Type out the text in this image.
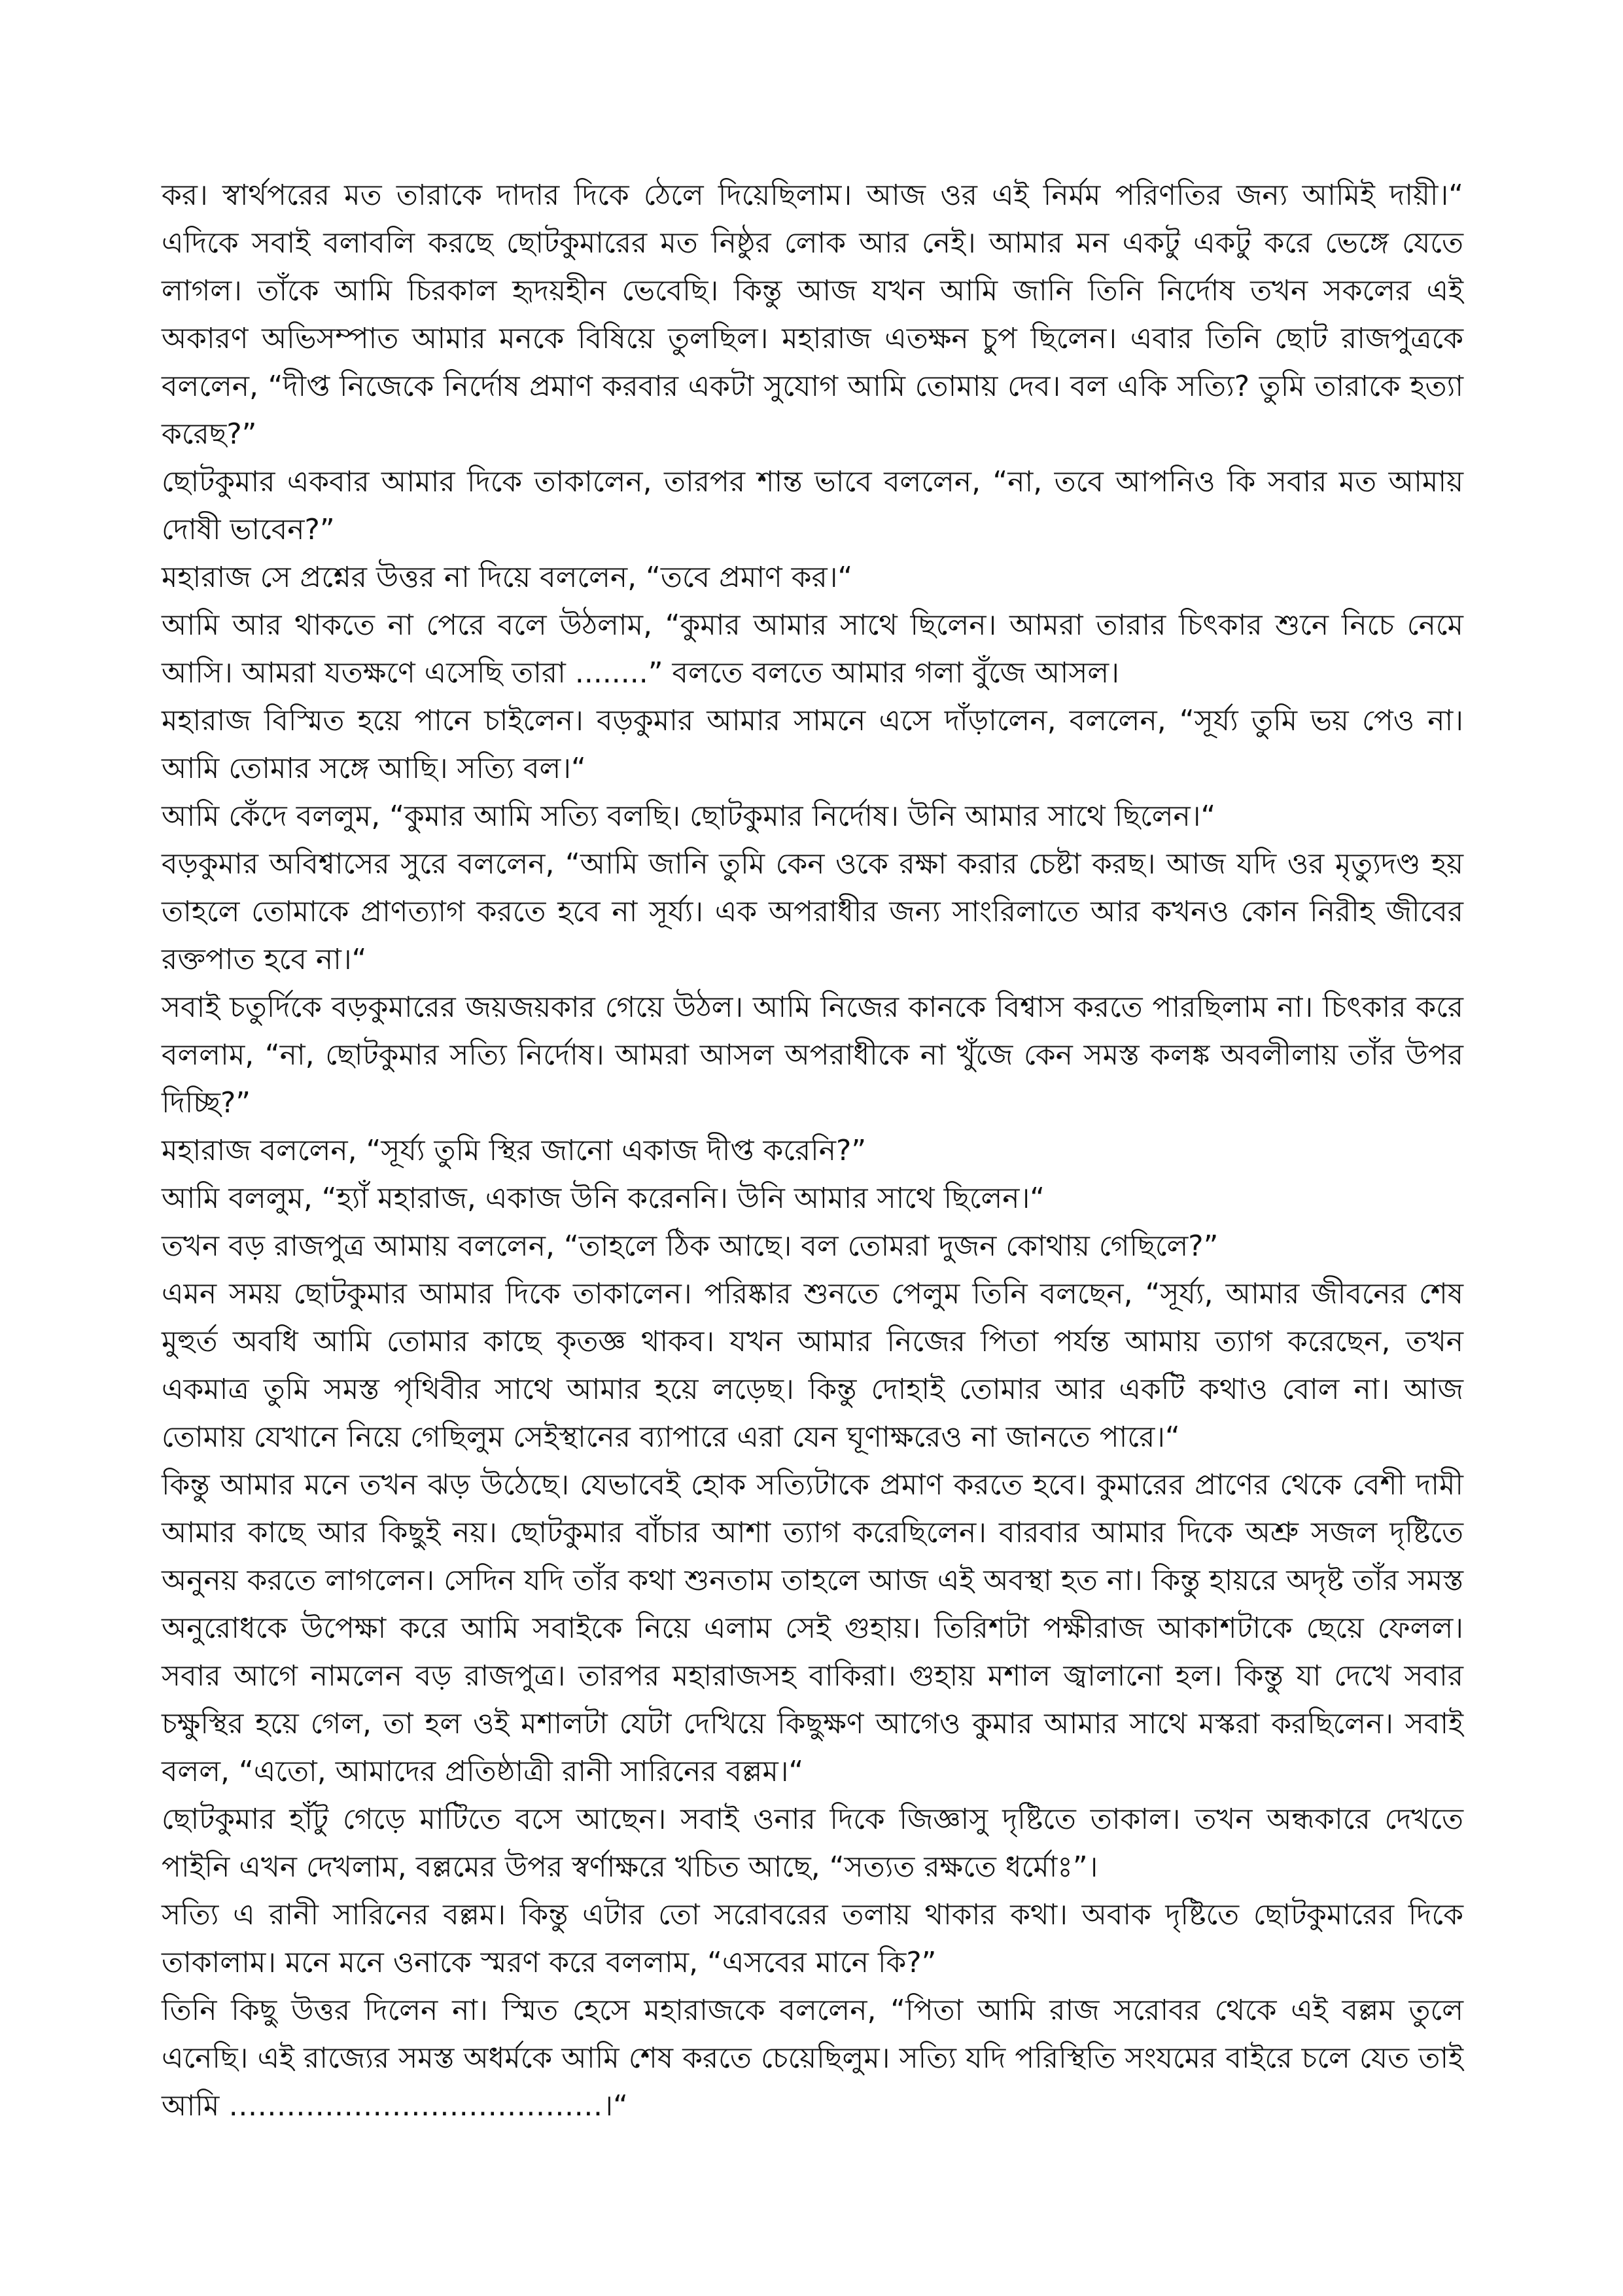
কর। স্বার্থপরের মত তারাকে দাদার দিকে ঠেলে দিয়েছিলাম। আজ ওর এই নির্মম পরিণতির জন্য আমিই দায়ী।“ এদিকে সবাই বলাবলি করছে ছোটকুমারের মত নিষ্ঠুর লোক আর নেই। আমার মন একটু একটু করে ভেঙ্গে যেতে লাগল। তাঁকে আমি চিরকাল হৃদয়হীন ভেবেছি। কিন্তু আজ যখন আমি জানি তিনি নির্দোষ তখন সকলের এই অকারণ অভিসম্পাত আমার মনকে বিষিয়ে তুলছিল। মহারাজ এতক্ষন চুপ ছিলেন। এবার তিনি ছোট রাজপুত্রকে বললেন, “দীপ্ত নিজেকে নির্দোষ প্রমাণ করবার একটা সুযোগ আমি তোমায় দেব। বল একি সত্যি? তুমি তারাকে হত্যা করেছ?”

ছোটকুমার একবার আমার দিকে তাকালেন, তারপর শান্ত ভাবে বললেন, “না, তবে আপনিও কি সবার মত আমায় দোষী ভাবেন?”

মহারাজ সে প্রশ্নের উত্তর না দিয়ে বললেন, “তবে প্রমাণ কর।“

আমি আর থাকতে না পেরে বলে উঠলাম, “কুমার আমার সাথে ছিলেন। আমরা তারার চিৎকার শুনে নিচে নেমে আসি। আমরা যতক্ষণে এসেছি তারা ........” বলতে বলতে আমার গলা বুঁজে আসল।

মহারাজ বিস্মিত হয়ে পানে চাইলেন। বড়কুমার আমার সামনে এসে দাঁড়ালেন, বললেন, “সূর্য্য তুমি ভয় পেও না। আমি তোমার সঙ্গে আছি। সত্যি বল।“

আমি কেঁদে বললুম, “কুমার আমি সত্যি বলছি। ছোটকুমার নির্দোষ। উনি আমার সাথে ছিলেন।“

বড়কুমার অবিশ্বাসের সুরে বললেন, “আমি জানি তুমি কেন ওকে রক্ষা করার চেষ্টা করছ। আজ যদি ওর মৃত্যুদণ্ড হয় তাহলে তোমাকে প্রাণত্যাগ করতে হবে না সূর্য্য। এক অপরাধীর জন্য সাংরিলাতে আর কখনও কোন নিরীহ জীবের রক্তপাত হবে না।“

সবাই চতুর্দিকে বড়কুমারের জয়জয়কার গেয়ে উঠল। আমি নিজের কানকে বিশ্বাস করতে পারছিলাম না। চিৎকার করে বললাম, “না, ছোটকুমার সত্যি নির্দোষ। আমরা আসল অপরাধীকে না খুঁজে কেন সমস্ত কলঙ্ক অবলীলায় তাঁর উপর দিচ্ছি?”

মহারাজ বললেন, “সূর্য্য তুমি স্থির জানো একাজ দীপ্ত করেনি?”

আমি বললুম, “হ্যাঁ মহারাজ, একাজ উনি করেননি। উনি আমার সাথে ছিলেন।“

তখন বড় রাজপুত্র আমায় বললেন, “তাহলে ঠিক আছে। বল তোমরা দুজন কোথায় গেছিলে?”

এমন সময় ছোটকুমার আমার দিকে তাকালেন। পরিষ্কার শুনতে পেলুম তিনি বলছেন, “সূর্য্য, আমার জীবনের শেষ মুহুর্ত অবধি আমি তোমার কাছে কৃতজ্ঞ থাকব। যখন আমার নিজের পিতা পর্যন্ত আমায় ত্যাগ করেছেন, তখন একমাত্র তুমি সমস্ত পৃথিবীর সাথে আমার হয়ে লড়েছ। কিন্তু দোহাই তোমার আর একটি কথাও বোল না। আজ তোমায় যেখানে নিয়ে গেছিলুম সেইস্থানের ব্যাপারে এরা যেন ঘূণাক্ষরেও না জানতে পারে।“

কিন্তু আমার মনে তখন ঝড় উঠেছে। যেভাবেই হোক সত্যিটাকে প্রমাণ করতে হবে। কুমারের প্রাণের থেকে বেশী দামী আমার কাছে আর কিছুই নয়। ছোটকুমার বাঁচার আশা ত্যাগ করেছিলেন। বারবার আমার দিকে অশ্রু সজল দৃষ্টিতে অনুনয় করতে লাগলেন। সেদিন যদি তাঁর কথা শুনতাম তাহলে আজ এই অবস্থা হত না। কিন্তু হায়রে অদৃষ্ট তাঁর সমস্ত অনুরোধকে উপেক্ষা করে আমি সবাইকে নিয়ে এলাম সেই গুহায়। তিরিশটা পক্ষীরাজ আকাশটাকে ছেয়ে ফেলল। সবার আগে নামলেন বড় রাজপুত্র। তারপর মহারাজসহ বাকিরা। গুহায় মশাল জ্বালানো হল। কিন্তু যা দেখে সবার চক্ষুস্থির হয়ে গেল, তা হল ওই মশালটা যেটা দেখিয়ে কিছুক্ষণ আগেও কুমার আমার সাথে মস্করা করছিলেন। সবাই বলল, “এতো, আমাদের প্রতিষ্ঠাত্রী রানী সারিনের বল্লম।“

ছোটকুমার হাঁটু গেড়ে মাটিতে বসে আছেন। সবাই ওনার দিকে জিজ্ঞাসু দৃষ্টিতে তাকাল। তখন অন্ধকারে দেখতে পাইনি এখন দেখলাম, বল্লমের উপর স্বর্ণাক্ষরে খচিত আছে, “সত্যত রক্ষতে ধর্মোঃ”।

সত্যি এ রানী সারিনের বল্লম। কিন্তু এটার তো সরোবরের তলায় থাকার কথা। অবাক দৃষ্টিতে ছোটকুমারের দিকে তাকালাম। মনে মনে ওনাকে স্মরণ করে বললাম, “এসবের মানে কি?”

তিনি কিছু উত্তর দিলেন না। স্মিত হেসে মহারাজকে বললেন, “পিতা আমি রাজ সরোবর থেকে এই বল্লম তুলে এনেছি। এই রাজ্যের সমস্ত অধর্মকে আমি শেষ করতে চেয়েছিলুম। সত্যি যদি পরিস্থিতি সংযমের বাইরে চলে যেত তাই আমি …………………………………।“
